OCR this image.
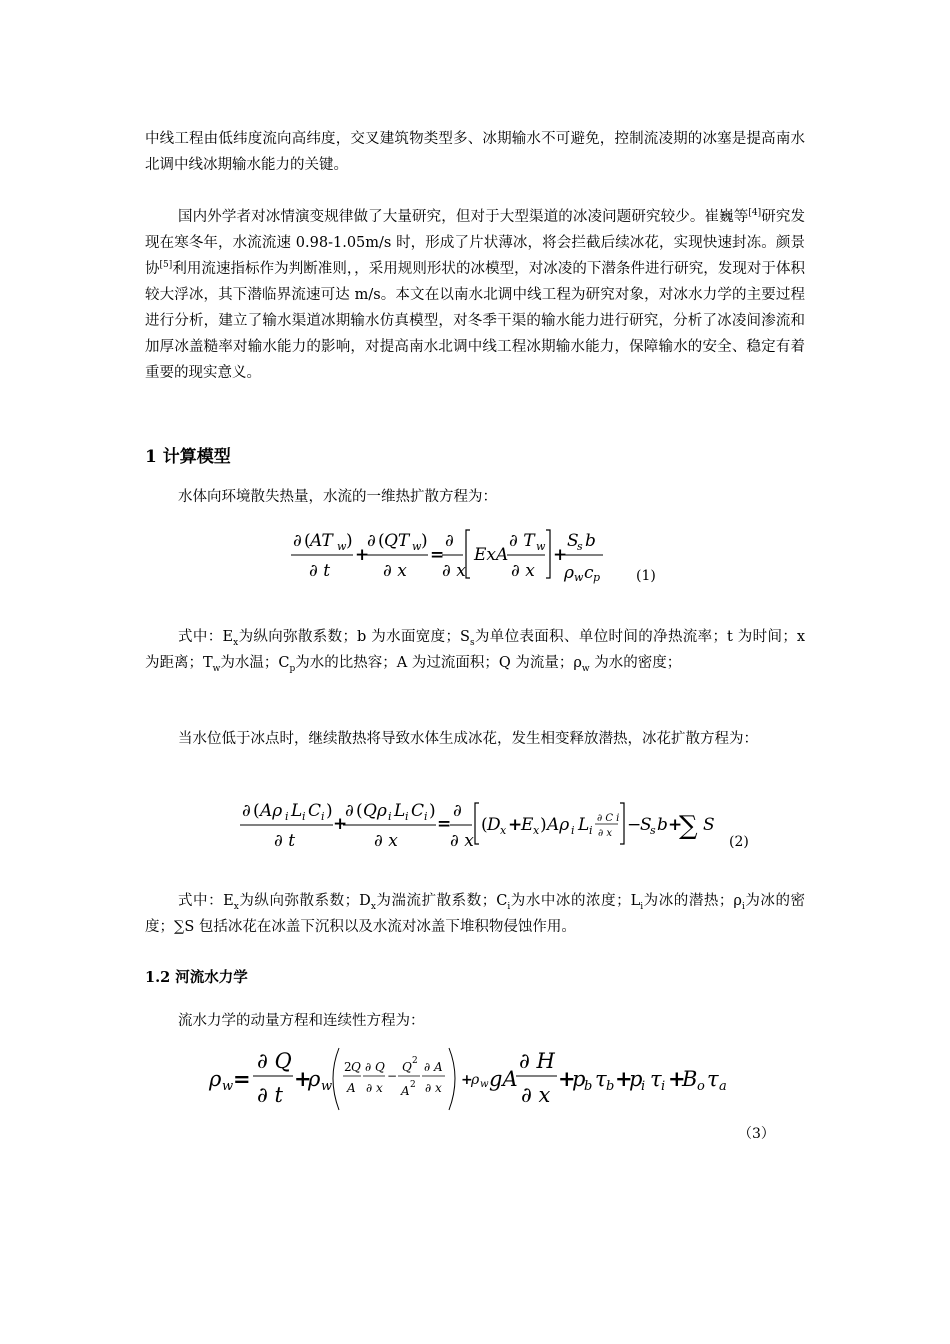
中线工程由低纬度流向高纬度，交叉建筑物类型多、冰期输水不可避免，控制流凌期的冰塞是提高南水北调中线冰期输水能力的关键。

国内外学者对冰情演变规律做了大量研究，但对于大型渠道的冰凌问题研究较少。崔巍等[4]研究发现在寒冬年，水流流速 0.98-1.05m/s 时，形成了片状薄冰，将会拦截后续冰花，实现快速封冻。颜景协[5]利用流速指标作为判断准则，，采用规则形状的冰模型，对冰凌的下潜条件进行研究，发现对于体积较大浮冰，其下潜临界流速可达 m/s。本文在以南水北调中线工程为研究对象，对冰水力学的主要过程进行分析，建立了输水渠道冰期输水仿真模型，对冬季干渠的输水能力进行研究，分析了冰凌间渗流和加厚冰盖糙率对输水能力的影响，对提高南水北调中线工程冰期输水能力，保障输水的安全、稳定有着重要的现实意义。

1 计算模型

水体向环境散失热量，水流的一维热扩散方程为：

∂ ( AT w )
∂ t
+
∂ ( QT w )
∂ x
=
∂
∂ x
ExA
∂ T w
∂ x
+
S
s b
ρ w c p	(1)

式中：$E_x$为纵向弥散系数；b 为水面宽度；$S_s$为单位表面积、单位时间的净热流率；t 为时间；x 为距离；$T_w$为水温；$C_p$为水的比热容；A 为过流面积；Q 为流量；$\rho_w$ 为水的密度；

当水位低于冰点时，继续散热将导致水体生成冰花，发生相变释放潜热，冰花扩散方程为：

∂ ( Aρ i L i C i )
∂ t
+
∂ ( Qρ i L i C i )
∂ x
=
∂
∂ x
( D x +
E x ) Aρ i L i
∂ C i
∂ x −
S
s b +
∑ S
(2)

式中：$E_x$为纵向弥散系数；$D_x$为湍流扩散系数；$C_i$为水中冰的浓度；$L_i$为冰的潜热；$\rho_i$为冰的密度；∑S 包括冰花在冰盖下沉积以及水流对冰盖下堆积物侵蚀作用。

1.2 河流水力学

流水力学的动量方程和连续性方程为：

ρ w =
∂ Q
∂ t
+
ρ w
2 Q
A
∂ Q
∂ x
−
Q 2
A 2
∂ A
∂ x +
ρ w gA
∂ H
∂ x
+
p
b τ b +
p
i τ i +
B o τ a
（3）
